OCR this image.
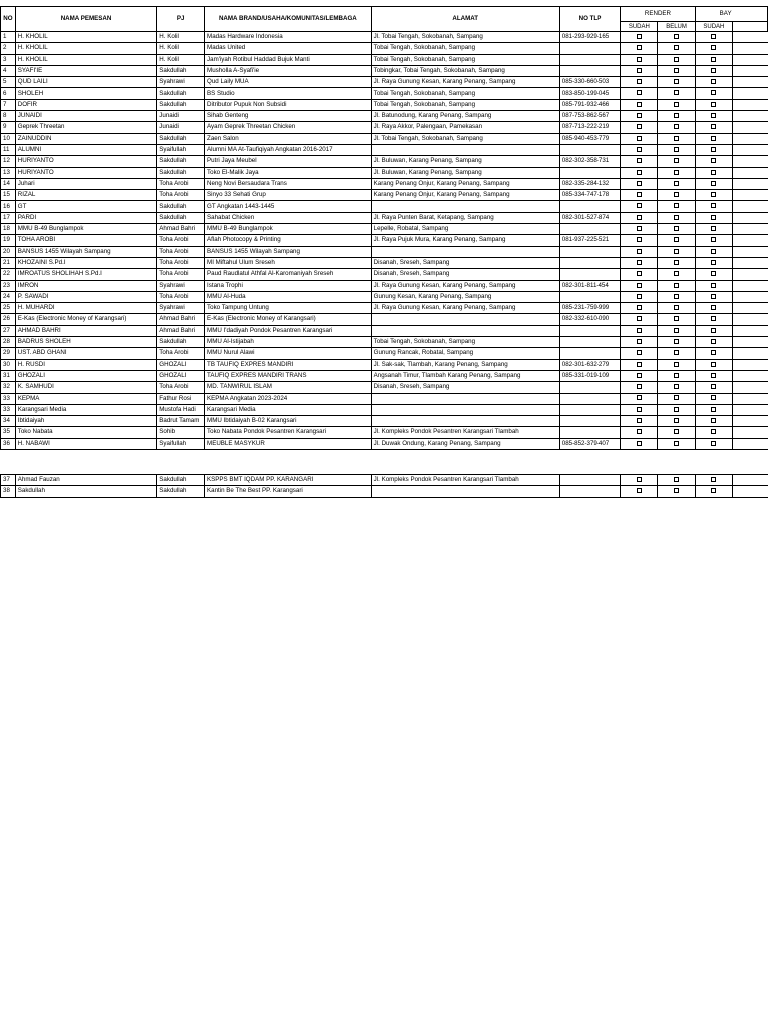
NO	NAMA PEMESAN	PJ	NAMA BRAND/USAHA/KOMUNITAS/LEMBAGA	ALAMAT	NO TLP	RENDER		BAY	
						SUDAH	BELUM	SUDAH	
1	H. KHOLIL	H. Kolil	Madas Hardware Indonesia	Jl. Tobai Tengah, Sokobanah, Sampang	081-293-929-165				
2	H. KHOLIL	H. Kolil	Madas United	Tobai Tengah, Sokobanah, Sampang					
3	H. KHOLIL	H. Kolil	Jam'iyah Rotibul Haddad Bujuk Manti	Tobai Tengah, Sokobanah, Sampang					
4	SYAFI'IE	Sakdullah	Musholla A-Syafi'ie	Tobingkar, Tobai Tengah, Sokobanah, Sampang					
5	QUD LAILI	Syahrawi	Qud Laily MUA	Jl. Raya Gunung Kesan, Karang Penang, Sampang	085-330-660-503				
6	SHOLEH	Sakdullah	BS Studio	Tobai Tengah, Sokobanah, Sampang	083-850-199-045				
7	DOFIR	Sakdullah	Ditributor Pupuk Non Subsidi	Tobai Tengah, Sokobanah, Sampang	085-791-932-466				
8	JUNAIDI	Junaidi	Sihab Genteng	Jl. Batunodung, Karang Penang, Sampang	087-753-862-567				
9	Geprek Threetan	Junaidi	Ayam Geprek Threetan Chicken	Jl. Raya Akkor, Palengaan, Pamekasan	087-713-222-219				
10	ZAINUDDIN	Sakdullah	Zaen Salon	Jl. Tobai Tengah, Sokobanah, Sampang	085-940-453-779				
11	ALUMNI	Syaifullah	Alumni MA At-Taufiqiyah Angkatan 2016-2017						
12	HURIYANTO	Sakdullah	Putri Jaya Meubel	Jl. Buluwan, Karang Penang, Sampang	082-302-358-731				
13	HURIYANTO	Sakdullah	Toko El-Malik Jaya	Jl. Buluwan, Karang Penang, Sampang					
14	Juhari	Toha Arobi	Neng Novi Bersaudara Trans	Karang Penang Onjur, Karang Penang, Sampang	082-335-284-132				
15	RIZAL	Toha Arobi	Sinyo 33 Sehati Grup	Karang Penang Onjur, Karang Penang, Sampang	085-334-747-178				
16	GT	Sakdullah	GT Angkatan 1443-1445						
17	PARDI	Sakdullah	Sahabat Chicken	Jl. Raya Punten Barat, Ketapang, Sampang	082-301-527-874				
18	MMU B-49 Bunglampok	Ahmad Bahri	MMU B-49 Bunglampok	Lepelle, Robatal, Sampang					
19	TOHA AROBI	Toha Arobi	Aflah Photocopy & Printing	Jl. Raya Pujuk Mura, Karang Penang, Sampang	081-937-225-521				
20	BANSUS 1455 Wilayah Sampang	Toha Arobi	BANSUS 1455 Wilayah Sampang						
21	KHOZAINI S.Pd.I	Toha Arobi	MI Miftahul Ulum Sreseh	Disanah, Sreseh, Sampang					
22	IMROATUS SHOLIHAH S.Pd.I	Toha Arobi	Paud Raudlatul Athfal Al-Karomaniyah Sreseh	Disanah, Sreseh, Sampang					
23	IMRON	Syahrawi	Istana Trophi	Jl. Raya Gunung Kesan, Karang Penang, Sampang	082-301-811-454				
24	P. SAWADI	Toha Arobi	MMU Al-Huda	Gunung Kesan, Karang Penang, Sampang					
25	H. MUHARDI	Syahrawi	Toko Tampung Untung	Jl. Raya Gunung Kesan, Karang Penang, Sampang	085-231-759-999				
26	E-Kas (Electronic Money of Karangsari)	Ahmad Bahri	E-Kas (Electronic Money of Karangsari)		082-332-610-090				
27	AHMAD BAHRI	Ahmad Bahri	MMU I'dadiyah Pondok Pesantren Karangsari						
28	BADRUS SHOLEH	Sakdullah	MMU Al-Istijabah	Tobai Tengah, Sokobanah, Sampang					
29	UST. ABD GHANI	Toha Arobi	MMU Nurul Alawi	Gunung Rancak, Robatal, Sampang					
30	H. RUSDI	GHOZALI	TB TAUFIQ EXPRES MANDIRI	Jl. Sak-sak, Tlambah, Karang Penang, Sampang	082-301-632-279				
31	GHOZALI	GHOZALI	TAUFIQ EXPRES MANDIRI TRANS	Angsanah Timur, Tlambah Karang Penang, Sampang	085-331-019-109				
32	K. SAMHUDI	Toha Arobi	MD. TANWIRUL ISLAM	Disanah, Sreseh, Sampang					
33	KEPMA	Fathur Rosi	KEPMA Angkatan 2023-2024						
33	Karangsari Media	Mustofa Hadi	Karangsari Media						
34	Ibtidaiyah	Badrut Tamam	MMU Ibtidaiyah B-02 Karangsari						
35	Toko Nabata	Sohib	Toko Nabata Pondok Pesantren Karangsari	Jl. Kompleks Pondok Pesantren Karangsari Tlambah					
36	H. NABAWI	Syaifullah	MEUBLE MASYKUR	Jl. Duwak Ondung, Karang Penang, Sampang	085-852-379-407				

37	Ahmad Fauzan	Sakdullah	KSPPS BMT IQDAM PP. KARANGARI	Jl. Kompleks Pondok Pesantren Karangsari Tlambah					
38	Sakdullah	Sakdullah	Kantin Be The Best PP. Karangsari						
